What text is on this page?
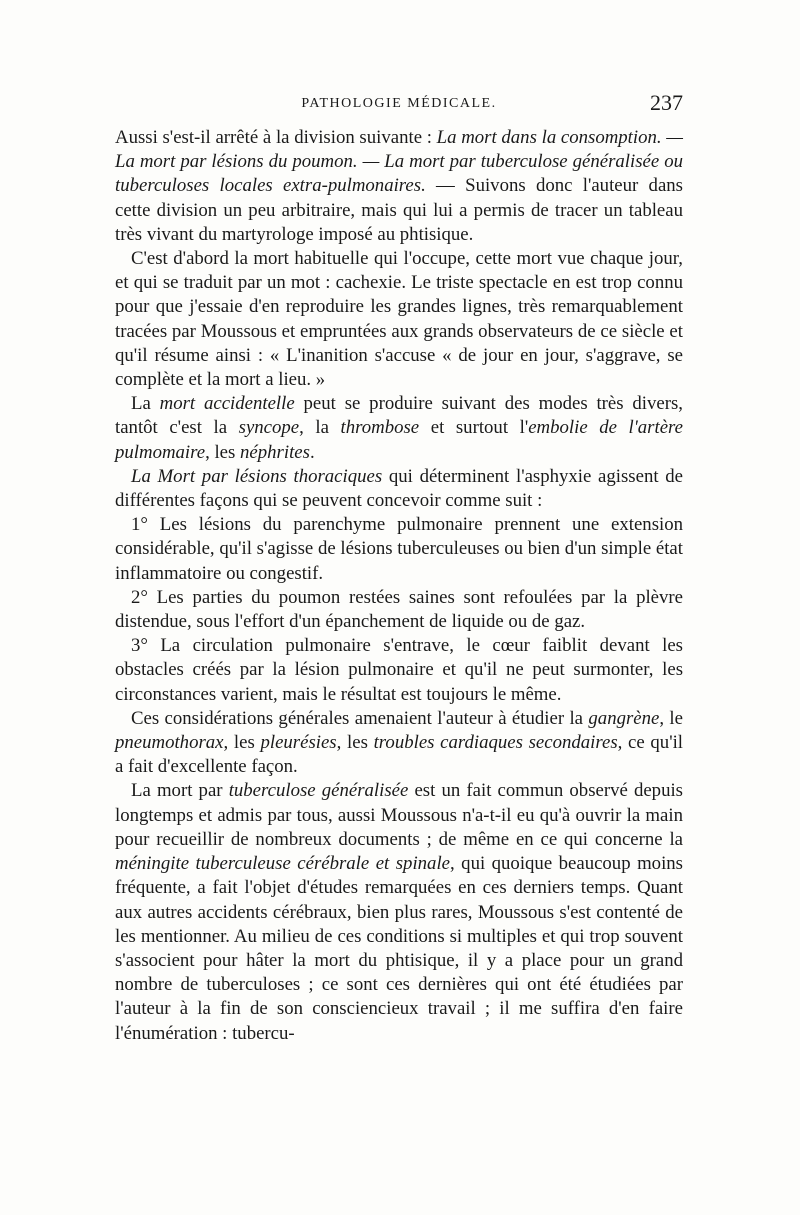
PATHOLOGIE MÉDICALE.	237

Aussi s'est-il arrêté à la division suivante : La mort dans la consomption. — La mort par lésions du poumon. — La mort par tuberculose généralisée ou tuberculoses locales extra-pulmonaires. — Suivons donc l'auteur dans cette division un peu arbitraire, mais qui lui a permis de tracer un tableau très vivant du martyrologe imposé au phtisique.

C'est d'abord la mort habituelle qui l'occupe, cette mort vue chaque jour, et qui se traduit par un mot : cachexie. Le triste spectacle en est trop connu pour que j'essaie d'en reproduire les grandes lignes, très remarquablement tracées par Moussous et empruntées aux grands observateurs de ce siècle et qu'il résume ainsi : « L'inanition s'accuse « de jour en jour, s'aggrave, se complète et la mort a lieu. »

La mort accidentelle peut se produire suivant des modes très divers, tantôt c'est la syncope, la thrombose et surtout l'embolie de l'artère pulmomaire, les néphrites.

La Mort par lésions thoraciques qui déterminent l'asphyxie agissent de différentes façons qui se peuvent concevoir comme suit :

1° Les lésions du parenchyme pulmonaire prennent une extension considérable, qu'il s'agisse de lésions tuberculeuses ou bien d'un simple état inflammatoire ou congestif.

2° Les parties du poumon restées saines sont refoulées par la plèvre distendue, sous l'effort d'un épanchement de liquide ou de gaz.

3° La circulation pulmonaire s'entrave, le cœur faiblit devant les obstacles créés par la lésion pulmonaire et qu'il ne peut surmonter, les circonstances varient, mais le résultat est toujours le même.

Ces considérations générales amenaient l'auteur à étudier la gangrène, le pneumothorax, les pleurésies, les troubles cardiaques secondaires, ce qu'il a fait d'excellente façon.

La mort par tuberculose généralisée est un fait commun observé depuis longtemps et admis par tous, aussi Moussous n'a-t-il eu qu'à ouvrir la main pour recueillir de nombreux documents ; de même en ce qui concerne la méningite tuberculeuse cérébrale et spinale, qui quoique beaucoup moins fréquente, a fait l'objet d'études remarquées en ces derniers temps. Quant aux autres accidents cérébraux, bien plus rares, Moussous s'est contenté de les mentionner. Au milieu de ces conditions si multiples et qui trop souvent s'associent pour hâter la mort du phtisique, il y a place pour un grand nombre de tuberculoses ; ce sont ces dernières qui ont été étudiées par l'auteur à la fin de son consciencieux travail ; il me suffira d'en faire l'énumération : tubercu-
